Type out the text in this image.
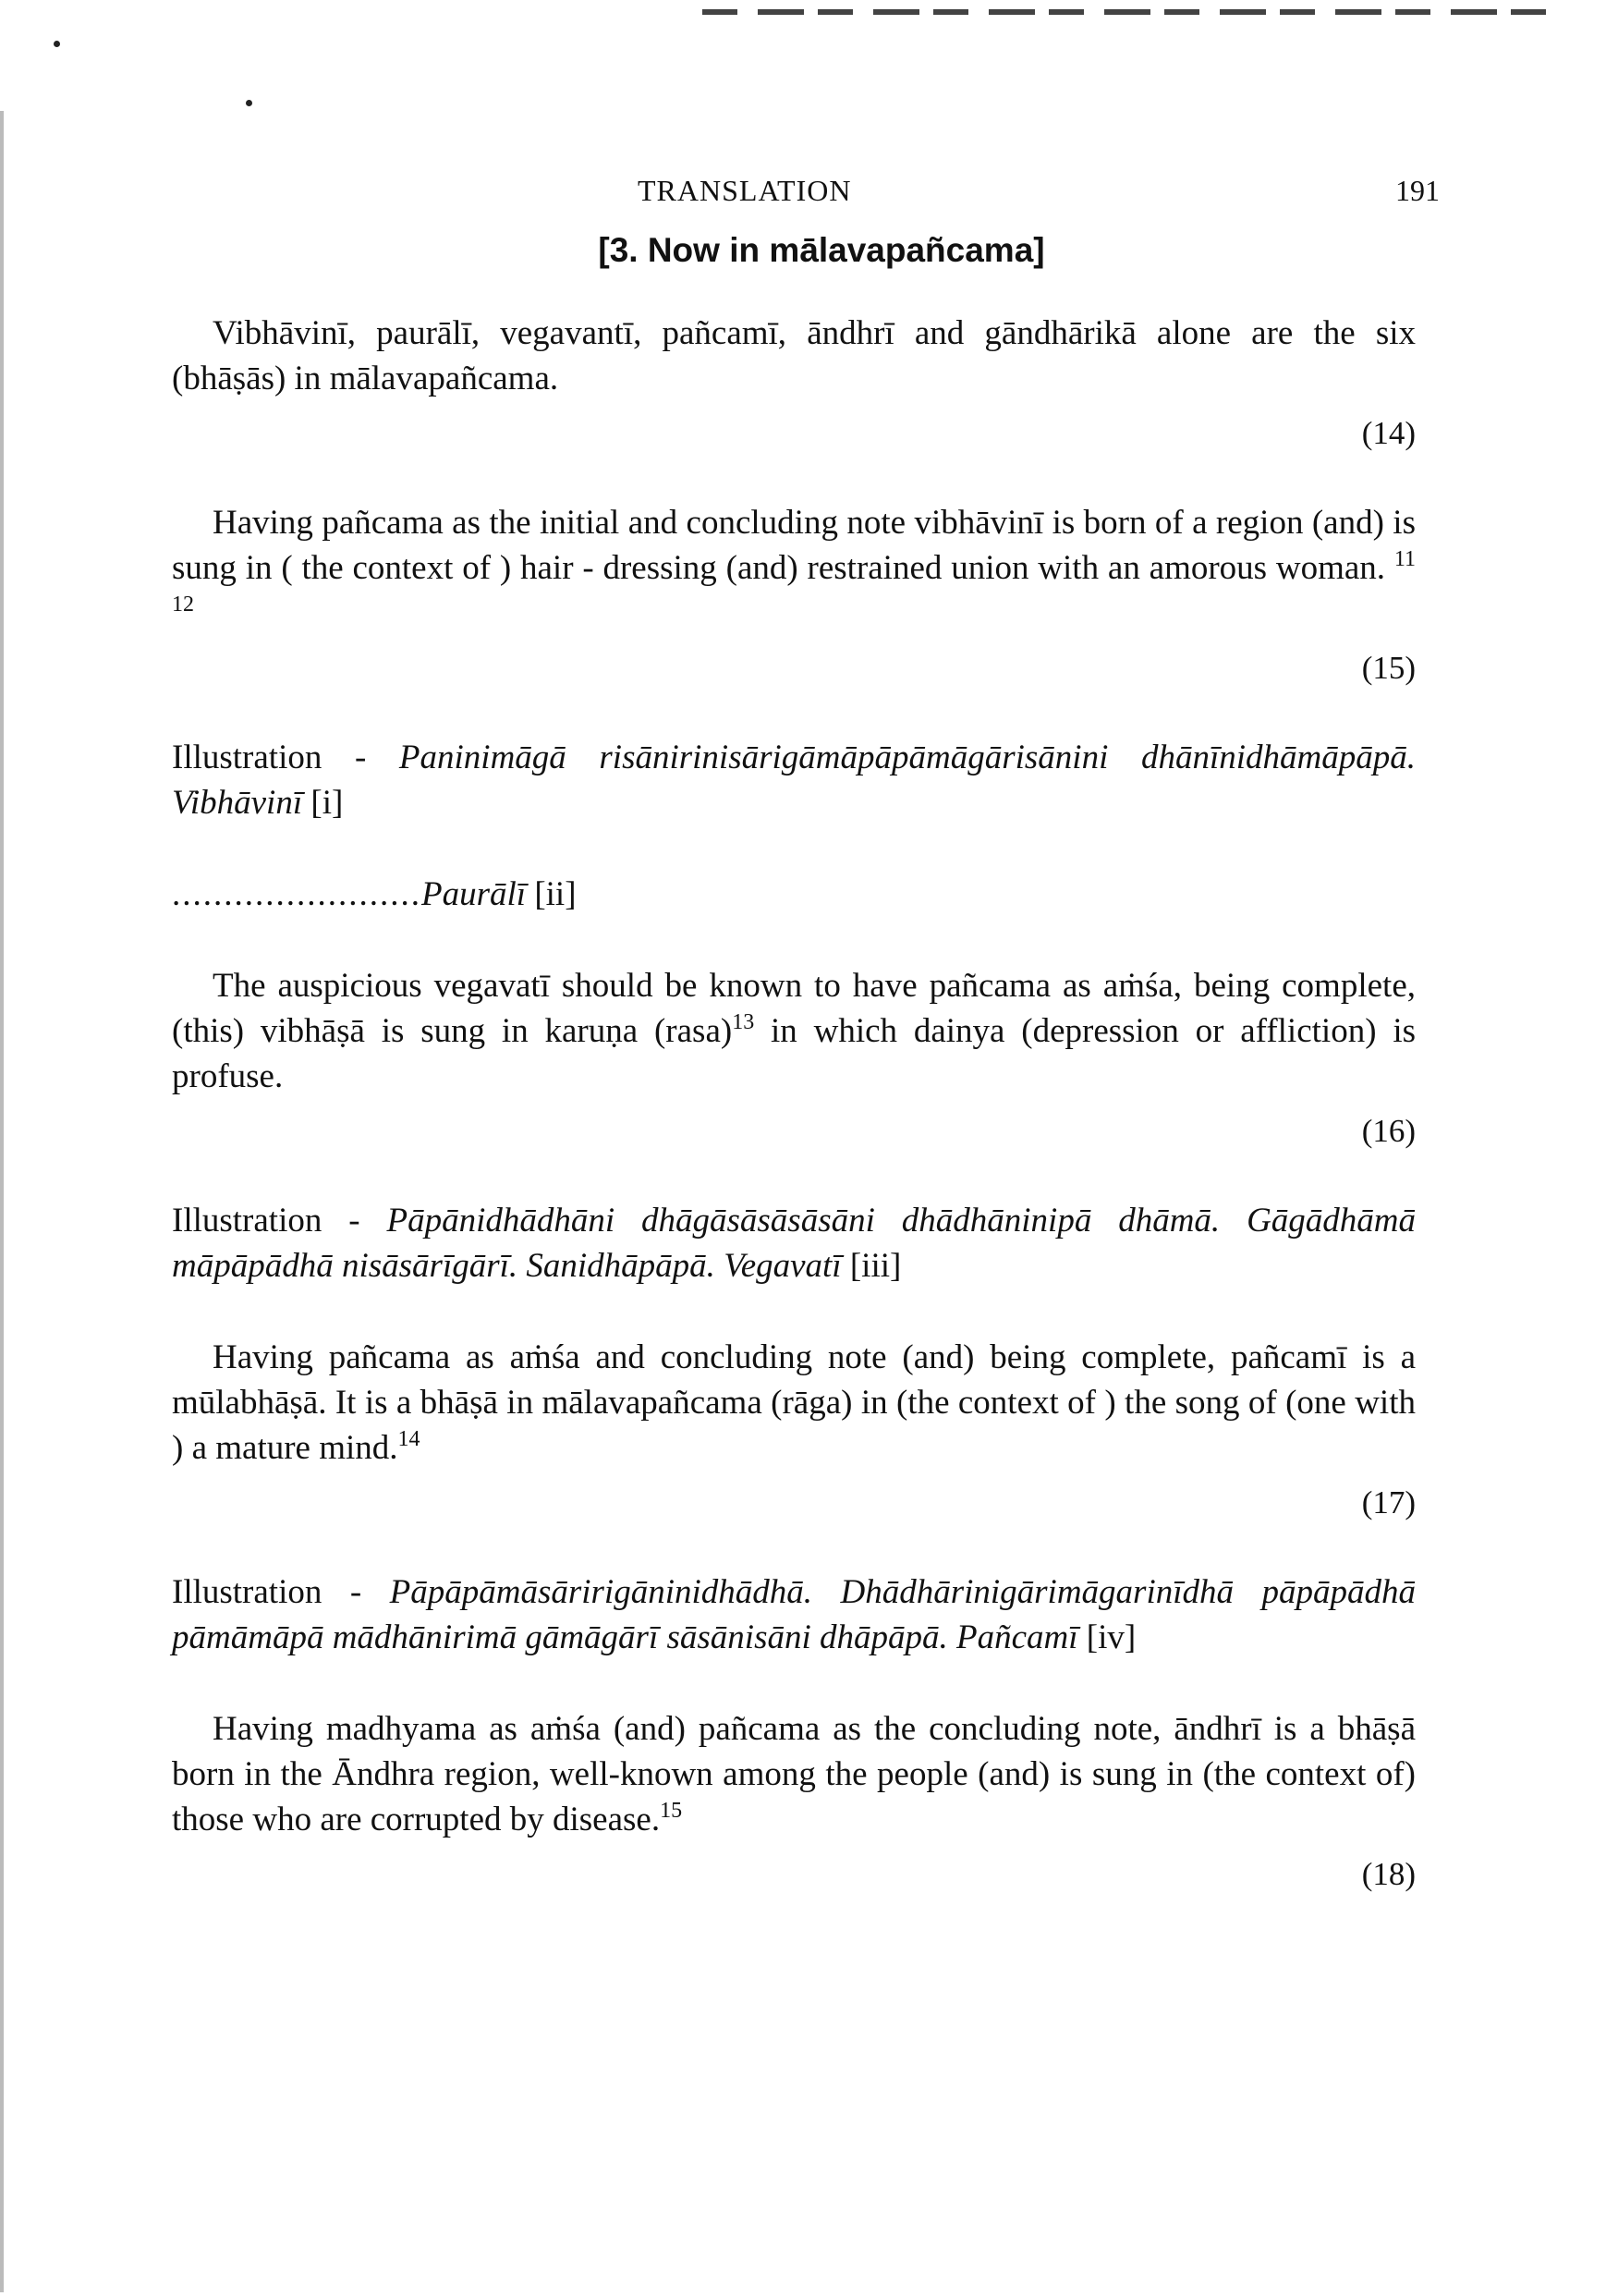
TRANSLATION	191
[3. Now in mālavapañcama]

Vibhāvinī, paurālī, vegavantī, pañcamī, āndhrī and gāndhārikā alone are the six (bhāṣās) in mālavapañcama.

(14)

Having pañcama as the initial and concluding note vibhāvinī is born of a region (and) is sung in ( the context of ) hair - dressing (and) restrained union with an amorous woman. $^{11}$ $^{12}$

(15)

Illustration - Paninimāgā risānirinisārigāmāpāpāmāgārisānini dhānīnidhāmāpāpā. Vibhāvinī [i]

........................Paurālī [ii]

The auspicious vegavatī should be known to have pañcama as aṁśa, being complete, (this) vibhāṣā is sung in karuṇa (rasa)$^{13}$ in which dainya (depression or affliction) is profuse.

(16)

Illustration - Pāpānidhādhāni dhāgāsāsāsāsāni dhādhāninipā dhāmā. Gāgādhāmā māpāpādhā nisāsārīgārī. Sanidhāpāpā. Vegavatī [iii]

Having pañcama as aṁśa and concluding note (and) being complete, pañcamī is a mūlabhāṣā. It is a bhāṣā in mālavapañcama (rāga) in (the context of ) the song of (one with ) a mature mind.$^{14}$

(17)

Illustration - Pāpāpāmāsāririgāninidhādhā. Dhādhārinigārimāgarinīdhā pāpāpādhā pāmāmāpā mādhānirimā gāmāgārī sāsānisāni dhāpāpā. Pañcamī [iv]

Having madhyama as aṁśa (and) pañcama as the concluding note, āndhrī is a bhāṣā born in the Āndhra region, well-known among the people (and) is sung in (the context of) those who are corrupted by disease.$^{15}$

(18)
